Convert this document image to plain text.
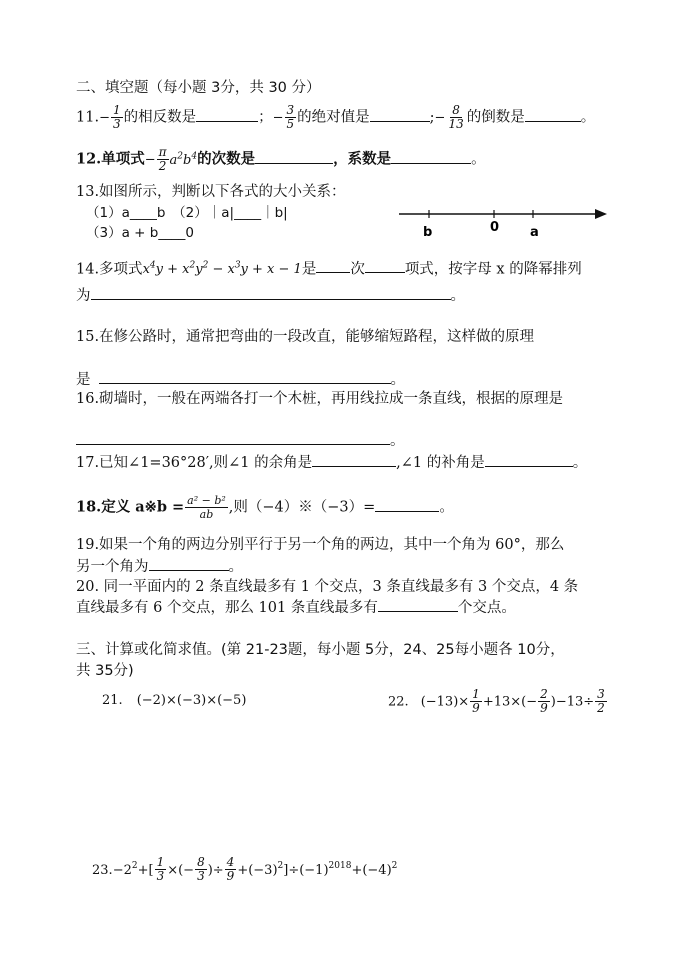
二、填空题（每小题 3分，共 30 分）
$11.- \frac{1}{3}$ 的相反数是	；− $\frac{3}{5}$ 的绝对值是	;− $\frac{8}{13}$ 的倒数是	。
12.单项式− $\frac{\pi}{2} a^2b^4$的次数是	，系数是	。
13.如图所示，判断以下各式的大小关系：
（1）a____b　（2）｜a|____｜b|
（3）a + b____0	b	0 a
14.多项式$x^4y + x^2y^2 - x^3y + x - 1$是 次	项式，按字母 x 的降幂排列
为	。
15.在修公路时，通常把弯曲的一段改直，能够缩短路程，这样做的原理
是	。
16.砌墙时，一般在两端各打一个木桩，再用线拉成一条直线，根据的原理是
。
17.已知∠1=36°28′,则∠1 的余角是	,∠1 的补角是	。
18.定义 a※b = $\frac{\text{a² − b²}}{ab}$ ,则（−4）※（−3）=	。
19.如果一个角的两边分别平行于另一个角的两边，其中一个角为 60°，那么
另一个角为	。
20. 同一平面内的 2 条直线最多有 1 个交点，3 条直线最多有 3 个交点，4 条
直线最多有 6 个交点，那么 101 条直线最多有	个交点。
三、计算或化简求值。(第 21-23题，每小题 5分，24、25每小题各 10分，
共 35分)
21. (−2)×(−3)×(−5)	22. $(-13)\times \frac{1}{9} +13\times(- \frac{2}{9} )-13\div \frac{3}{2}$
$23.-2^2+[ \frac{1}{3}$ ×(− $\frac{8}{3}$ )÷ $\frac{4}{9} +(-3)^2]\div(-1)^{2018}+(-4)^2$
